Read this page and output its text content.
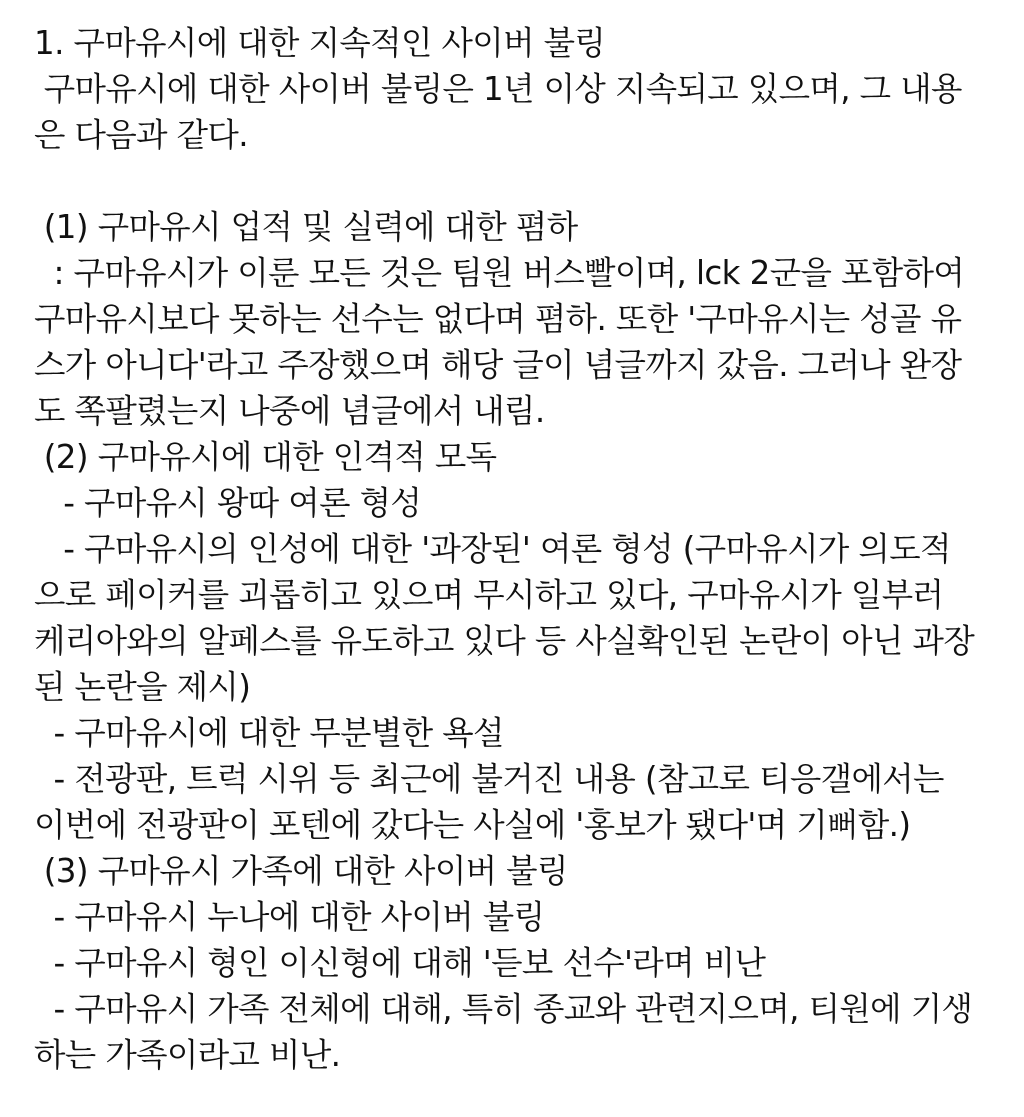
1. 구마유시에 대한 지속적인 사이버 불링
구마유시에 대한 사이버 불링은 1년 이상 지속되고 있으며, 그 내용
은 다음과 같다.
(1) 구마유시 업적 및 실력에 대한 폄하
: 구마유시가 이룬 모든 것은 팀원 버스빨이며, lck 2군을 포함하여
구마유시보다 못하는 선수는 없다며 폄하. 또한 '구마유시는 성골 유
스가 아니다'라고 주장했으며 해당 글이 념글까지 갔음. 그러나 완장
도 쪽팔렸는지 나중에 념글에서 내림.
(2) 구마유시에 대한 인격적 모독
- 구마유시 왕따 여론 형성
- 구마유시의 인성에 대한 '과장된' 여론 형성 (구마유시가 의도적
으로 페이커를 괴롭히고 있으며 무시하고 있다, 구마유시가 일부러
케리아와의 알페스를 유도하고 있다 등 사실확인된 논란이 아닌 과장
된 논란을 제시)
- 구마유시에 대한 무분별한 욕설
- 전광판, 트럭 시위 등 최근에 불거진 내용 (참고로 티응갤에서는
이번에 전광판이 포텐에 갔다는 사실에 '홍보가 됐다'며 기뻐함.)
(3) 구마유시 가족에 대한 사이버 불링
- 구마유시 누나에 대한 사이버 불링
- 구마유시 형인 이신형에 대해 '듣보 선수'라며 비난
- 구마유시 가족 전체에 대해, 특히 종교와 관련지으며, 티원에 기생
하는 가족이라고 비난.
